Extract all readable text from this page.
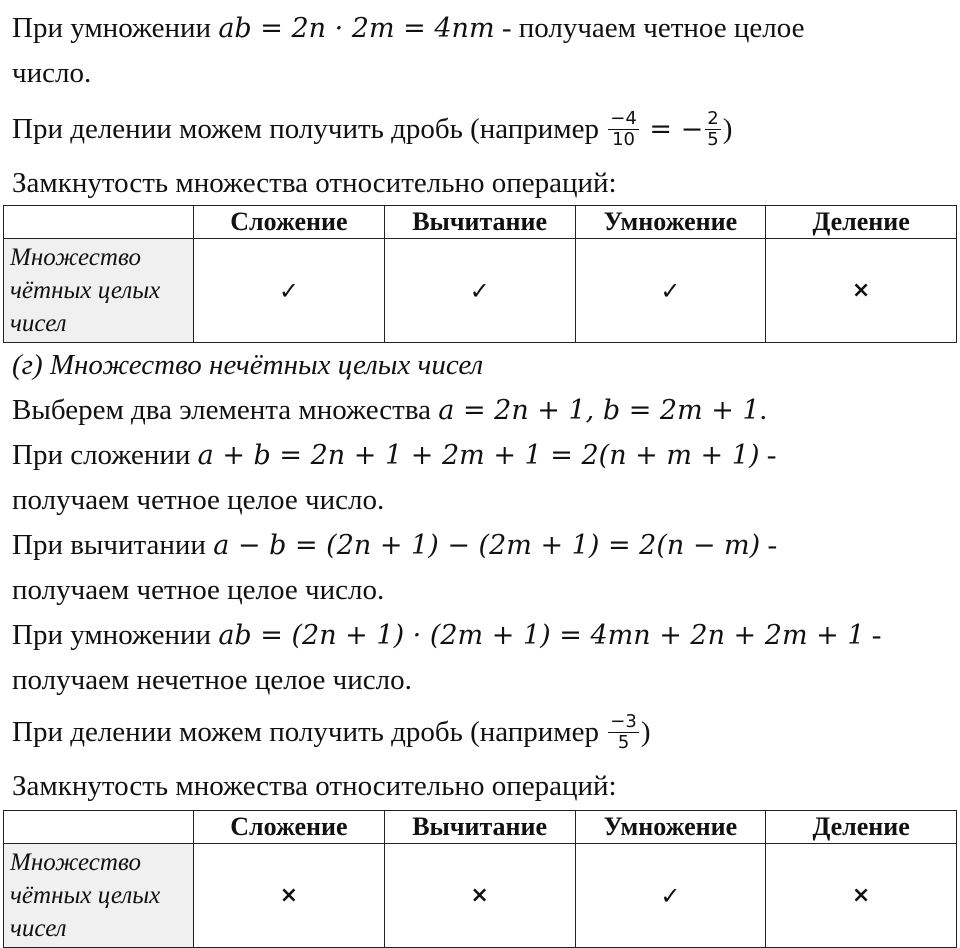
При умножении ab = 2n · 2m = 4nm - получаем четное целое
число.
При делении можем получить дробь (например $\frac{-4}{10}$ = − $\frac{2}{5}$ )
Замкнутость множества относительно операций:
	Сложение	Вычитание	Умножение	Деление
Множество чётных целых чисел	✓	✓	✓	×
(г) Множество нечётных целых чисел
Выберем два элемента множества a = 2n + 1, b = 2m + 1.
При сложении a + b = 2n + 1 + 2m + 1 = 2(n + m + 1) -
получаем четное целое число.
При вычитании a − b = (2n + 1) − (2m + 1) = 2(n − m) -
получаем четное целое число.
При умножении ab = (2n + 1) · (2m + 1) = 4mn + 2n + 2m + 1 -
получаем нечетное целое число.
При делении можем получить дробь (например $\frac{-3}{5}$ )
Замкнутость множества относительно операций:
	Сложение	Вычитание	Умножение	Деление
Множество чётных целых чисел	×	×	✓	×
